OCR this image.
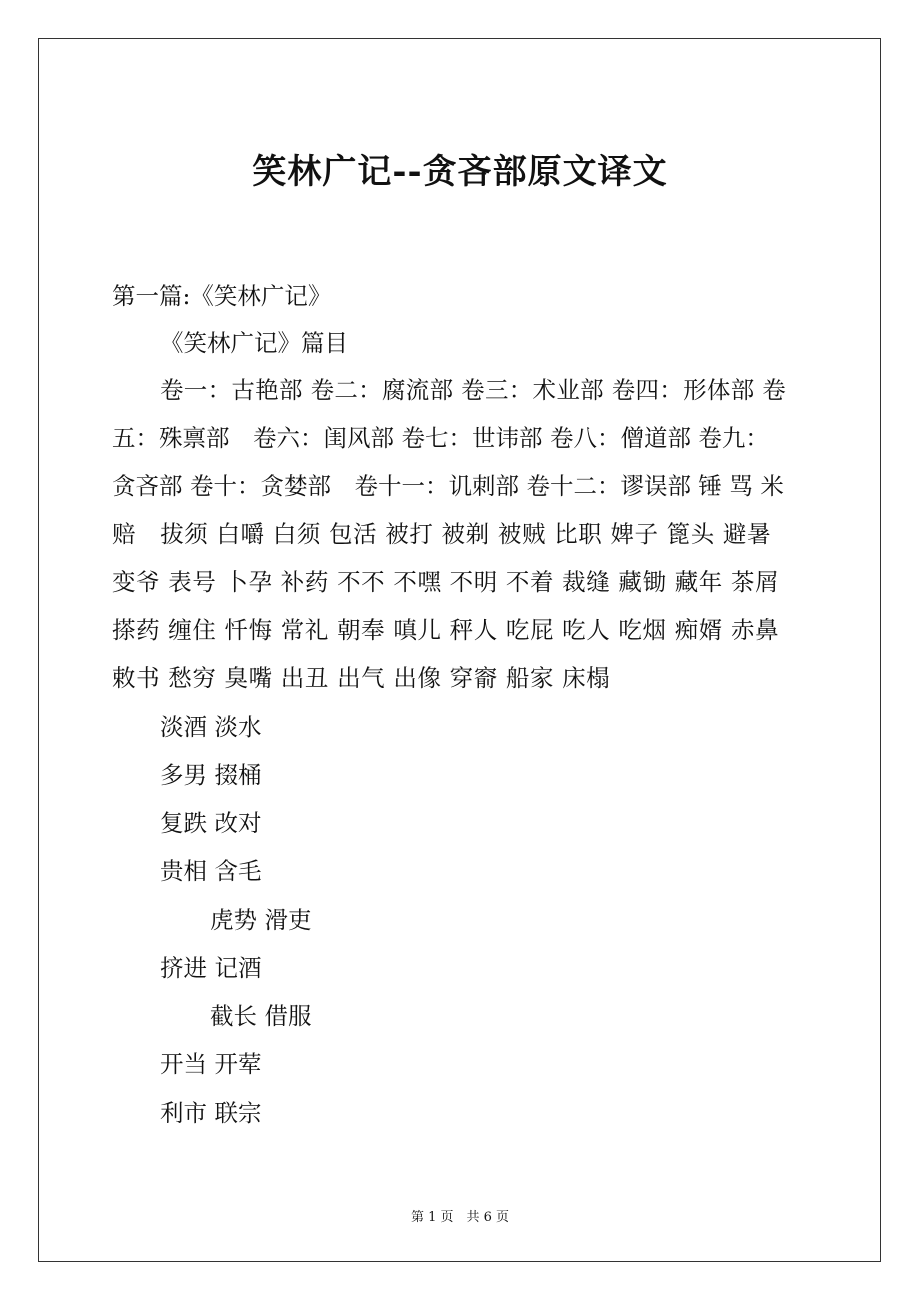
笑林广记--贪吝部原文译文
第一篇:《笑林广记》
《笑林广记》篇目
卷一：古艳部 卷二：腐流部 卷三：术业部 卷四：形体部 卷
五：殊禀部　卷六：闺风部 卷七：世讳部 卷八：僧道部 卷九：
贪吝部 卷十：贪婪部　卷十一：讥刺部 卷十二：谬误部 锤 骂 米
赔　拔须 白嚼 白须 包活 被打 被剃 被贼 比职 婢子 篦头 避暑
变爷 表号 卜孕 补药 不不 不嘿 不明 不着 裁缝 藏锄 藏年 茶屑
搽药 缠住 忏悔 常礼 朝奉 嗔儿 秤人 吃屁 吃人 吃烟 痴婿 赤鼻
敕书 愁穷 臭嘴 出丑 出气 出像 穿窬 船家 床榻
淡酒 淡水
多男 掇桶
复跌 改对
贵相 含毛
虎势 滑吏
挤进 记酒
截长 借服
开当 开荤
利市 联宗
第 1 页　共 6 页
